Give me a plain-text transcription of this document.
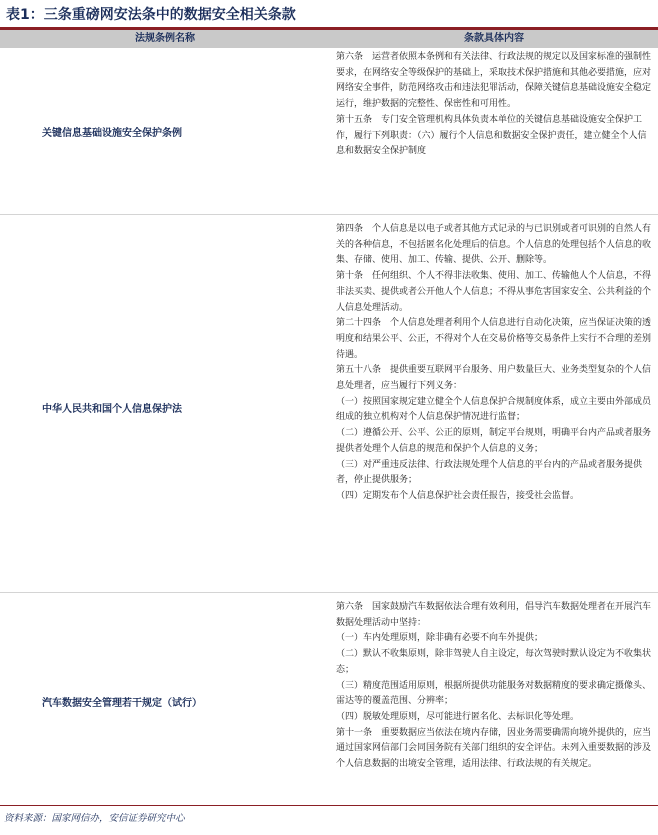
表1：三条重磅网安法条中的数据安全相关条款
法规条例名称	条款具体内容
关键信息基础设施安全保护条例

第六条　运营者依照本条例和有关法律、行政法规的规定以及国家标准的强制性要求，在网络安全等级保护的基础上，采取技术保护措施和其他必要措施，应对网络安全事件，防范网络攻击和违法犯罪活动，保障关键信息基础设施安全稳定运行，维护数据的完整性、保密性和可用性。

第十五条　专门安全管理机构具体负责本单位的关键信息基础设施安全保护工作，履行下列职责：（六）履行个人信息和数据安全保护责任，建立健全个人信息和数据安全保护制度

中华人民共和国个人信息保护法

第四条　个人信息是以电子或者其他方式记录的与已识别或者可识别的自然人有关的各种信息，不包括匿名化处理后的信息。个人信息的处理包括个人信息的收集、存储、使用、加工、传输、提供、公开、删除等。

第十条　任何组织、个人不得非法收集、使用、加工、传输他人个人信息，不得非法买卖、提供或者公开他人个人信息；不得从事危害国家安全、公共利益的个人信息处理活动。

第二十四条　个人信息处理者利用个人信息进行自动化决策，应当保证决策的透明度和结果公平、公正，不得对个人在交易价格等交易条件上实行不合理的差别待遇。

第五十八条　提供重要互联网平台服务、用户数量巨大、业务类型复杂的个人信息处理者，应当履行下列义务：

（一）按照国家规定建立健全个人信息保护合规制度体系，成立主要由外部成员组成的独立机构对个人信息保护情况进行监督；

（二）遵循公开、公平、公正的原则，制定平台规则，明确平台内产品或者服务提供者处理个人信息的规范和保护个人信息的义务；

（三）对严重违反法律、行政法规处理个人信息的平台内的产品或者服务提供者，停止提供服务；

（四）定期发布个人信息保护社会责任报告，接受社会监督。

汽车数据安全管理若干规定（试行）

第六条　国家鼓励汽车数据依法合理有效利用，倡导汽车数据处理者在开展汽车数据处理活动中坚持：

（一）车内处理原则，除非确有必要不向车外提供；

（二）默认不收集原则，除非驾驶人自主设定，每次驾驶时默认设定为不收集状态；

（三）精度范围适用原则，根据所提供功能服务对数据精度的要求确定摄像头、雷达等的覆盖范围、分辨率；

（四）脱敏处理原则，尽可能进行匿名化、去标识化等处理。

第十一条　重要数据应当依法在境内存储，因业务需要确需向境外提供的，应当通过国家网信部门会同国务院有关部门组织的安全评估。未列入重要数据的涉及个人信息数据的出境安全管理，适用法律、行政法规的有关规定。

资料来源：国家网信办，安信证券研究中心
